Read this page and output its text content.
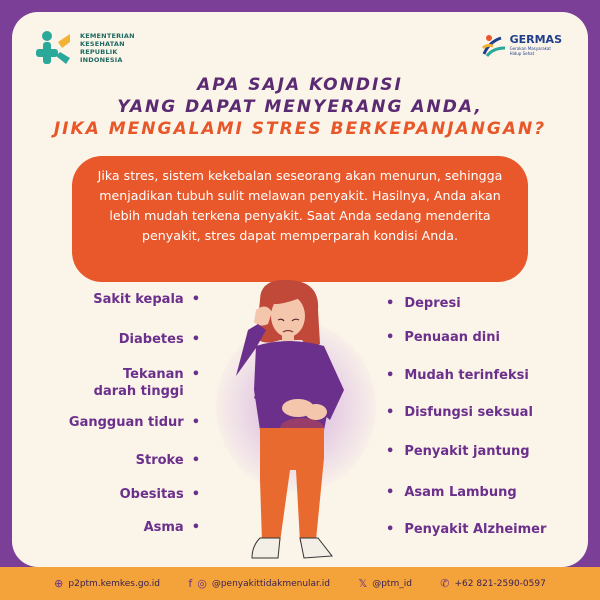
KEMENTERIAN
KESEHATAN
REPUBLIK
INDONESIA
GERMAS
Gerakan Masyarakat Hidup Sehat
APA SAJA KONDISI
YANG DAPAT MENYERANG ANDA,
JIKA MENGALAMI STRES BERKEPANJANGAN?
Jika stres, sistem kekebalan seseorang akan menurun, sehingga menjadikan tubuh sulit melawan penyakit. Hasilnya, Anda akan lebih mudah terkena penyakit. Saat Anda sedang menderita penyakit, stres dapat memperparah kondisi Anda.
Sakit kepala •
Diabetes •
Tekanan
darah tinggi
•
Gangguan tidur •
Stroke •
Obesitas •
Asma •
• Depresi
• Penuaan dini
• Mudah terinfeksi
• Disfungsi seksual
• Penyakit jantung
• Asam Lambung
• Penyakit Alzheimer
⊕ p2ptm.kemkes.go.id	f ◎ @penyakittidakmenular.id	𝕏 @ptm_id	✆ +62 821-2590-0597
